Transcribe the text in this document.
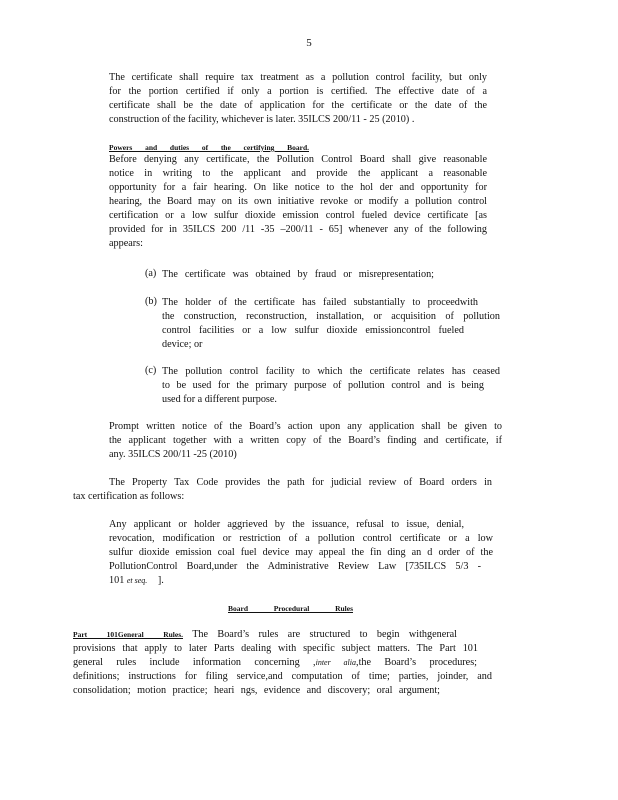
5
The certificate shall require tax treatment as a pollution control facility, but only
for the portion certified if only a portion is certified. The effective date of a
certificate shall be the date of application for the certificate or the date of the
construction of the facility, whichever is later. 35ILCS 200/11 - 25 (2010) .
Powers and duties of the certifying Board.
Before denying any certificate, the Pollution Control Board shall give reasonable
notice in writing to the applicant and provide the applicant a reasonable
opportunity for a fair hearing. On like notice to the hol der and opportunity for
hearing, the Board may on its own initiative revoke or modify a pollution control
certification or a low sulfur dioxide emission control fueled device certificate [as
provided for in 35ILCS 200 /11 -35 –200/11 - 65] whenever any of the following
appears:
(a) The certificate was obtained by fraud or misrepresentation;
(b) The holder of the certificate has failed substantially to proceedwith
the construction, reconstruction, installation, or acquisition of pollution
control facilities or a low sulfur dioxide emissioncontrol fueled
device; or
(c) The pollution control facility to which the certificate relates has ceased
to be used for the primary purpose of pollution control and is being
used for a different purpose.
Prompt written notice of the Board’s action upon any application shall be given to
the applicant together with a written copy of the Board’s finding and certificate, if
any. 35ILCS 200/11 -25 (2010)
The Property Tax Code provides the path for judicial review of Board orders in
tax certification as follows:
Any applicant or holder aggrieved by the issuance, refusal to issue, denial,
revocation, modification or restriction of a pollution control certificate or a low
sulfur dioxide emission coal fuel device may appeal the fin ding an d order of the
PollutionControl Board,under the Administrative Review Law [735ILCS 5/3 -
101 et seq. ].
Board Procedural Rules
Part 101General Rules. The Board’s rules are structured to begin withgeneral
provisions that apply to later Parts dealing with specific subject matters. The Part 101
general rules include information concerning ,inter alia,the Board’s procedures;
definitions; instructions for filing service,and computation of time; parties, joinder, and
consolidation; motion practice; heari ngs, evidence and discovery; oral argument;
